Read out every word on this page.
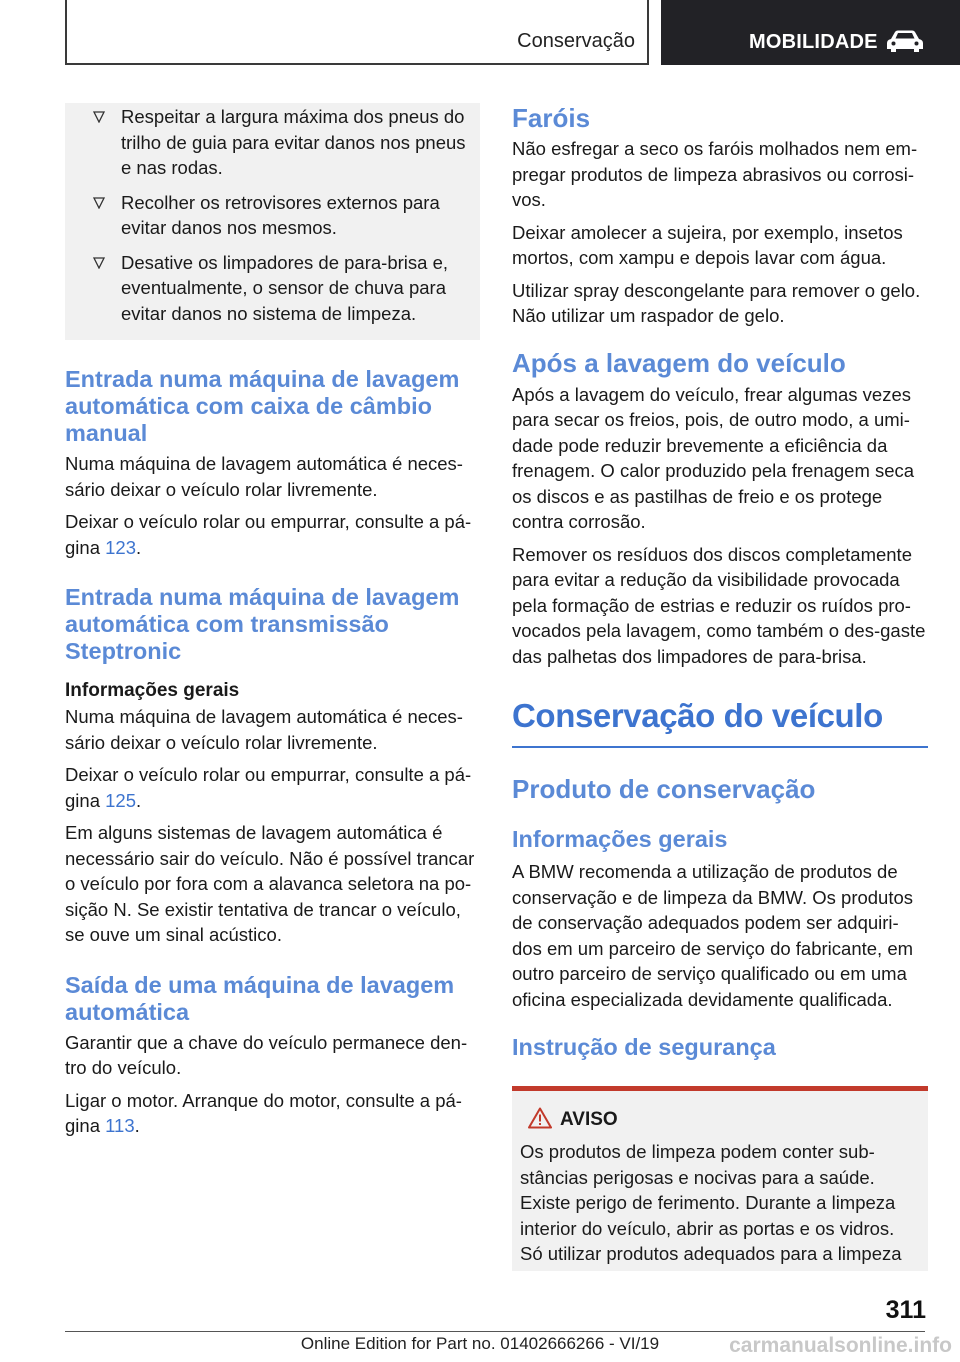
Conservação	MOBILIDADE
Respeitar a largura máxima dos pneus do trilho de guia para evitar danos nos pneus e nas rodas.
Recolher os retrovisores externos para evitar danos nos mesmos.
Desative os limpadores de para-brisa e, eventualmente, o sensor de chuva para evitar danos no sistema de limpeza.
Entrada numa máquina de lavagem automática com caixa de câmbio manual
Numa máquina de lavagem automática é neces‐sário deixar o veículo rolar livremente.
Deixar o veículo rolar ou empurrar, consulte a pá‐gina 123.
Entrada numa máquina de lavagem automática com transmissão Steptronic
Informações gerais
Numa máquina de lavagem automática é neces‐sário deixar o veículo rolar livremente.
Deixar o veículo rolar ou empurrar, consulte a pá‐gina 125.
Em alguns sistemas de lavagem automática é necessário sair do veículo. Não é possível trancar o veículo por fora com a alavanca seletora na po‐sição N. Se existir tentativa de trancar o veículo, se ouve um sinal acústico.
Saída de uma máquina de lavagem automática
Garantir que a chave do veículo permanece den‐tro do veículo.
Ligar o motor. Arranque do motor, consulte a pá‐gina 113.
Faróis
Não esfregar a seco os faróis molhados nem em‐pregar produtos de limpeza abrasivos ou corrosi‐vos.
Deixar amolecer a sujeira, por exemplo, insetos mortos, com xampu e depois lavar com água.
Utilizar spray descongelante para remover o gelo. Não utilizar um raspador de gelo.
Após a lavagem do veículo
Após a lavagem do veículo, frear algumas vezes para secar os freios, pois, de outro modo, a umi‐dade pode reduzir brevemente a eficiência da frenagem. O calor produzido pela frenagem seca os discos e as pastilhas de freio e os protege contra corrosão.
Remover os resíduos dos discos completamente para evitar a redução da visibilidade provocada pela formação de estrias e reduzir os ruídos pro‐vocados pela lavagem, como também o des‐gaste das palhetas dos limpadores de para-brisa.
Conservação do veículo
Produto de conservação
Informações gerais
A BMW recomenda a utilização de produtos de conservação e de limpeza da BMW. Os produtos de conservação adequados podem ser adquiri‐dos em um parceiro de serviço do fabricante, em outro parceiro de serviço qualificado ou em uma oficina especializada devidamente qualificada.
Instrução de segurança
AVISO
Os produtos de limpeza podem conter sub‐stâncias perigosas e nocivas para a saúde. Existe perigo de ferimento. Durante a limpeza interior do veículo, abrir as portas e os vidros. Só utilizar produtos adequados para a limpeza
311
Online Edition for Part no. 01402666266 - VI/19	carmanualsonline.info
